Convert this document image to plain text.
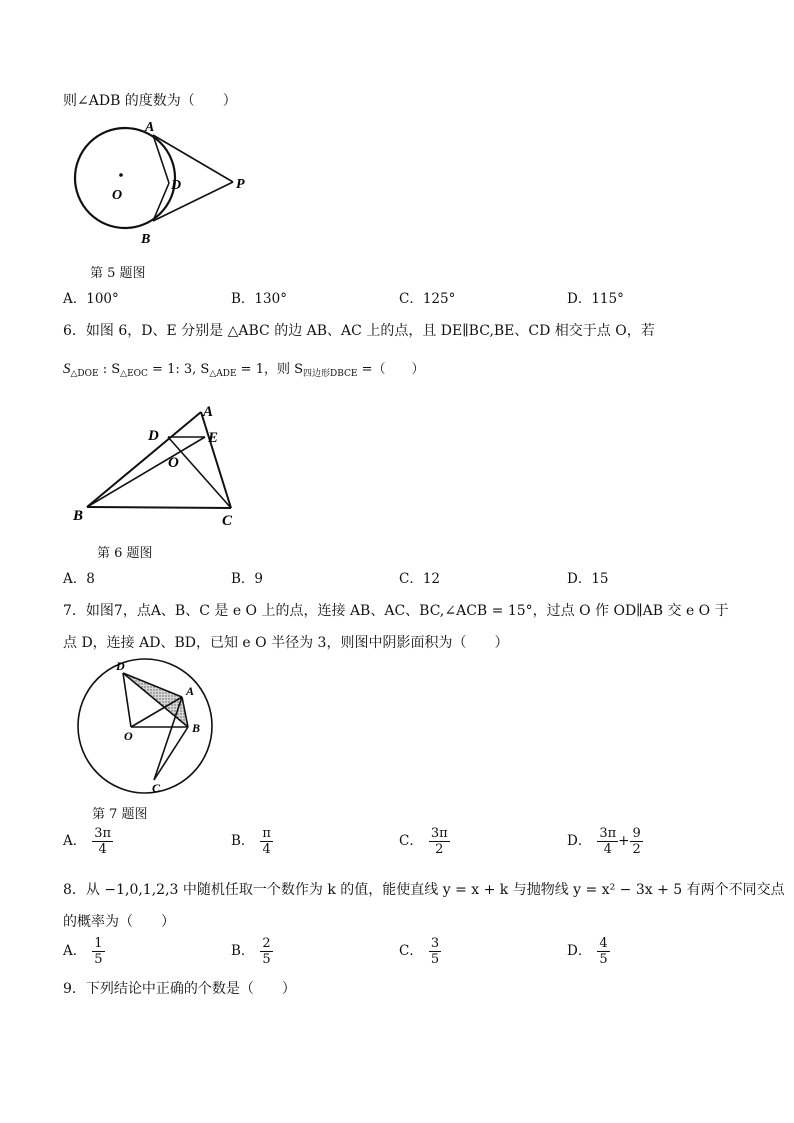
则∠ADB 的度数为（　　）
A
B
D
O
P
第 5 题图
A．100°	B．130°	C．125°	D．115°
6．如图 6，D、E 分别是 △ABC 的边 AB、AC 上的点，且 DE∥BC,BE、CD 相交于点 O，若
$S_{\triangle DOE}$ : $S_{\triangle EOC} = 1$: 3, $S_{\triangle ADE} = 1$，则 $S_{四边形DBCE}$ =（　　）
A
D	E
O
B	C
第 6 题图
A．8	B．9	C．12	D．15
7．如图7，点A、B、C 是 e O 上的点，连接 AB、AC、BC,∠ACB = 15°，过点 O 作 OD∥AB 交 e O 于
点 D，连接 AD、BD，已知 e O 半径为 3，则图中阴影面积为（　　）
D
A
O
B
C
第 7 题图
A． $\frac{3\pi}{4}$	B． $\frac{\pi}{4}$	C． $\frac{3\pi}{2}$	D． $\frac{3\pi}{4} + \frac{9}{2}$
8．从 −1,0,1,2,3 中随机任取一个数作为 k 的值，能使直线 y = x + k 与抛物线 y = x² − 3x + 5 有两个不同交点
的概率为（　　）
A． $\frac{1}{5}$	B． $\frac{2}{5}$	C． $\frac{3}{5}$	D． $\frac{4}{5}$
9．下列结论中正确的个数是（　　）
